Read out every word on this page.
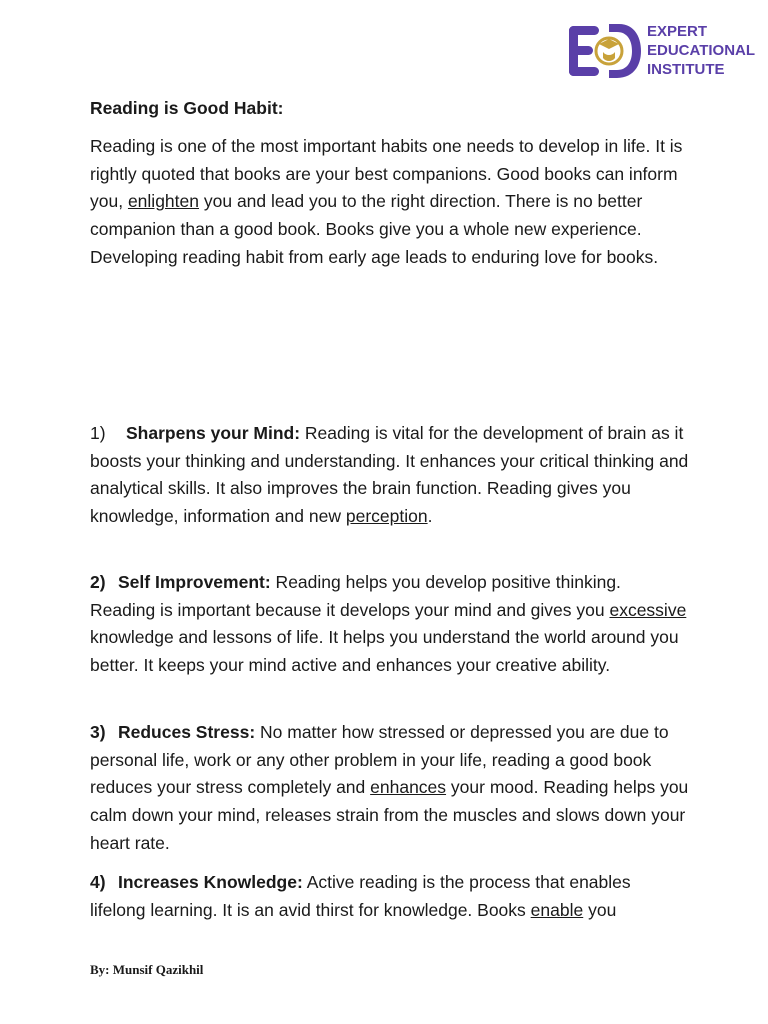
EXPERT
EDUCATIONAL
INSTITUTE
Reading is Good Habit:

Reading is one of the most important habits one needs to develop in life. It is rightly quoted that books are your best companions. Good books can inform you, enlighten you and lead you to the right direction. There is no better companion than a good book. Books give you a whole new experience. Developing reading habit from early age leads to enduring love for books.

1) Sharpens your Mind: Reading is vital for the development of brain as it boosts your thinking and understanding. It enhances your critical thinking and analytical skills. It also improves the brain function. Reading gives you knowledge, information and new perception.

2) Self Improvement: Reading helps you develop positive thinking. Reading is important because it develops your mind and gives you excessive knowledge and lessons of life. It helps you understand the world around you better. It keeps your mind active and enhances your creative ability.

3) Reduces Stress: No matter how stressed or depressed you are due to personal life, work or any other problem in your life, reading a good book reduces your stress completely and enhances your mood. Reading helps you calm down your mind, releases strain from the muscles and slows down your heart rate.

4) Increases Knowledge: Active reading is the process that enables lifelong learning. It is an avid thirst for knowledge. Books enable you

By: Munsif Qazikhil
